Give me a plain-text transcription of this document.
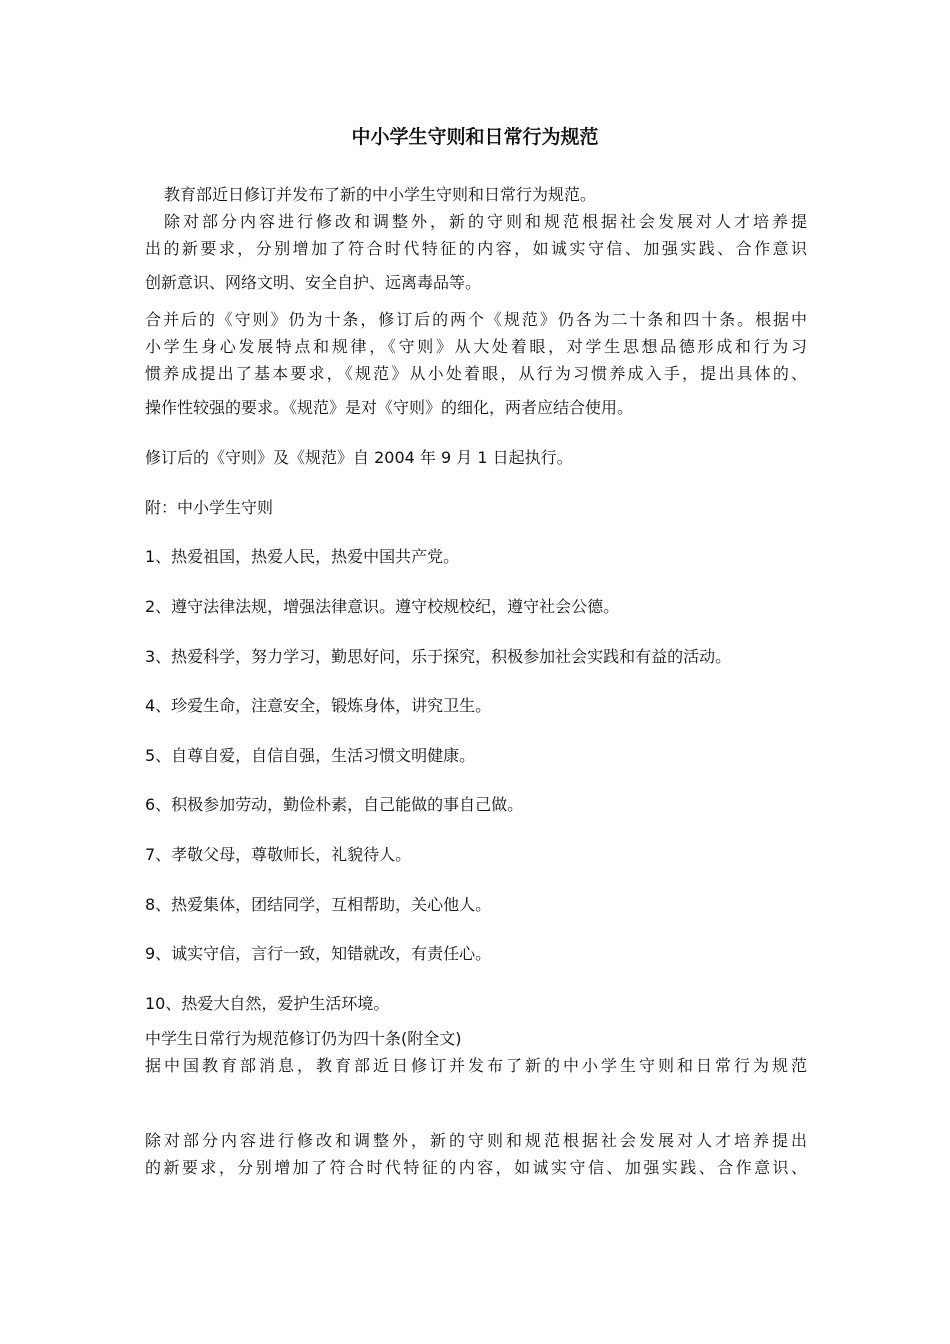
中小学生守则和日常行为规范

教育部近日修订并发布了新的中小学生守则和日常行为规范。

除对部分内容进行修改和调整外，新的守则和规范根据社会发展对人才培养提
出的新要求，分别增加了符合时代特征的内容，如诚实守信、加强实践、合作意识
创新意识、网络文明、安全自护、远离毒品等。

合并后的《守则》仍为十条，修订后的两个《规范》仍各为二十条和四十条。根据中
小学生身心发展特点和规律，《守则》从大处着眼，对学生思想品德形成和行为习
惯养成提出了基本要求，《规范》从小处着眼，从行为习惯养成入手，提出具体的、
操作性较强的要求。《规范》是对《守则》的细化，两者应结合使用。

修订后的《守则》及《规范》自 2004 年 9 月 1 日起执行。

附：中小学生守则

1、热爱祖国，热爱人民，热爱中国共产党。

2、遵守法律法规，增强法律意识。遵守校规校纪，遵守社会公德。

3、热爱科学，努力学习，勤思好问，乐于探究，积极参加社会实践和有益的活动。

4、珍爱生命，注意安全，锻炼身体，讲究卫生。

5、自尊自爱，自信自强，生活习惯文明健康。

6、积极参加劳动，勤俭朴素，自己能做的事自己做。

7、孝敬父母，尊敬师长，礼貌待人。

8、热爱集体，团结同学，互相帮助，关心他人。

9、诚实守信，言行一致，知错就改，有责任心。

10、热爱大自然，爱护生活环境。

中学生日常行为规范修订仍为四十条(附全文)
据中国教育部消息，教育部近日修订并发布了新的中小学生守则和日常行为规范

除对部分内容进行修改和调整外，新的守则和规范根据社会发展对人才培养提出
的新要求，分别增加了符合时代特征的内容，如诚实守信、加强实践、合作意识、
